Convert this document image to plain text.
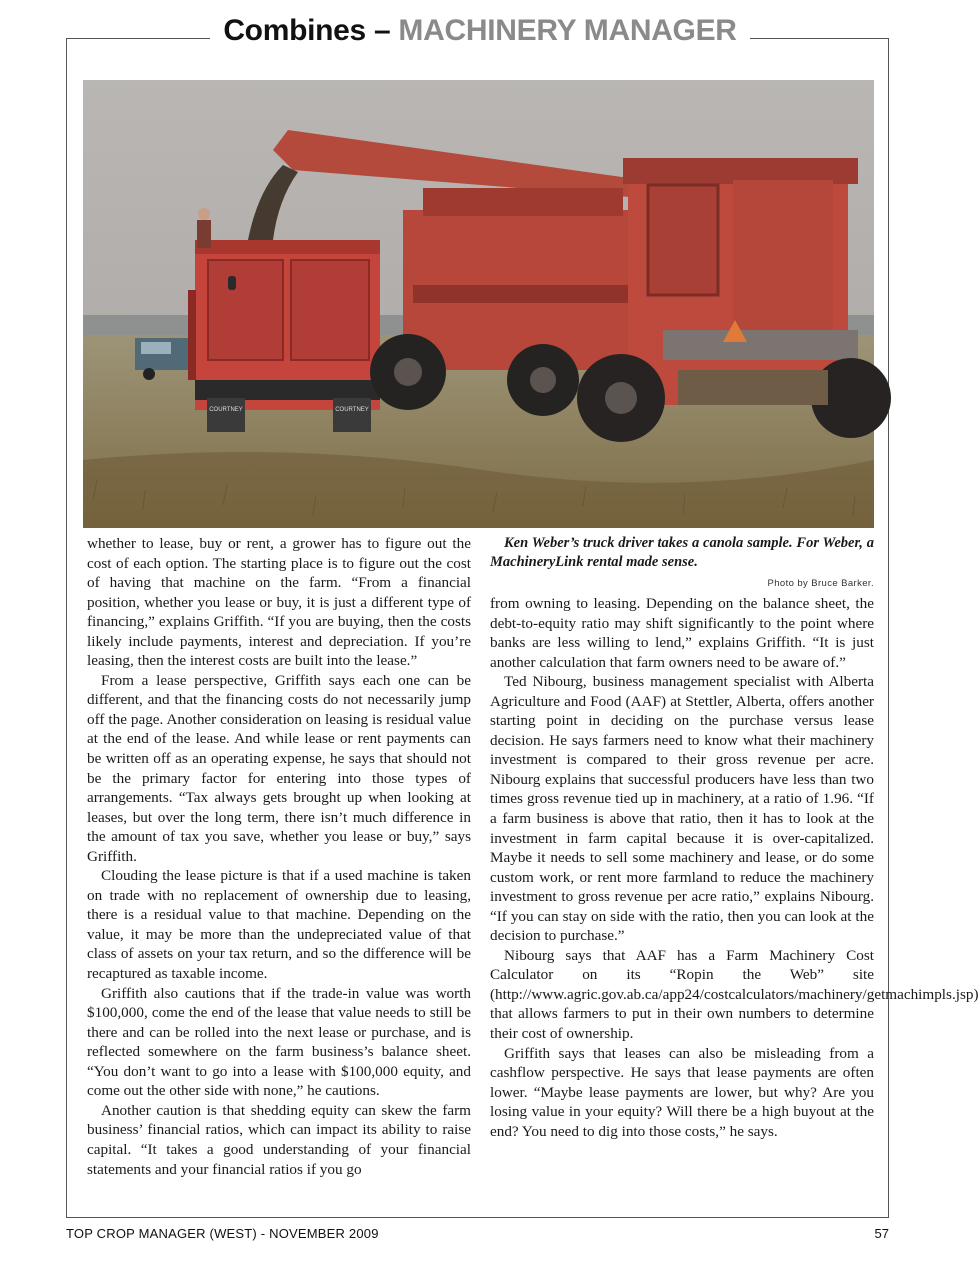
Combines – MACHINERY MANAGER
COURTNEY	COURTNEY

whether to lease, buy or rent, a grower has to figure out the cost of each option. The starting place is to figure out the cost of having that machine on the farm. “From a financial position, whether you lease or buy, it is just a different type of financing,” explains Griffith. “If you are buying, then the costs likely include payments, interest and depreciation. If you’re leasing, then the interest costs are built into the lease.”

From a lease perspective, Griffith says each one can be different, and that the financing costs do not necessarily jump off the page. Another consideration on leasing is residual value at the end of the lease. And while lease or rent payments can be written off as an operating expense, he says that should not be the primary factor for entering into those types of arrangements. “Tax always gets brought up when looking at leases, but over the long term, there isn’t much difference in the amount of tax you save, whether you lease or buy,” says Griffith.

Clouding the lease picture is that if a used machine is taken on trade with no replacement of ownership due to leasing, there is a residual value to that machine. Depending on the value, it may be more than the undepreciated value of that class of assets on your tax return, and so the difference will be recaptured as taxable income.

Griffith also cautions that if the trade-in value was worth $100,000, come the end of the lease that value needs to still be there and can be rolled into the next lease or purchase, and is reflected somewhere on the farm business’s balance sheet. “You don’t want to go into a lease with $100,000 equity, and come out the other side with none,” he cautions.

Another caution is that shedding equity can skew the farm business’ financial ratios, which can impact its ability to raise capital. “It takes a good understanding of your financial statements and your financial ratios if you go

Ken Weber’s truck driver takes a canola sample. For Weber, a MachineryLink rental made sense.

Photo by Bruce Barker.

from owning to leasing. Depending on the balance sheet, the debt-to-equity ratio may shift significantly to the point where banks are less willing to lend,” explains Griffith. “It is just another calculation that farm owners need to be aware of.”

Ted Nibourg, business management specialist with Alberta Agriculture and Food (AAF) at Stettler, Alberta, offers another starting point in deciding on the purchase versus lease decision. He says farmers need to know what their machinery investment is compared to their gross revenue per acre. Nibourg explains that successful producers have less than two times gross revenue tied up in machinery, at a ratio of 1.96. “If a farm business is above that ratio, then it has to look at the investment in farm capital because it is over-capitalized. Maybe it needs to sell some machinery and lease, or do some custom work, or rent more farmland to reduce the machinery investment to gross revenue per acre ratio,” explains Nibourg. “If you can stay on side with the ratio, then you can look at the decision to purchase.”

Nibourg says that AAF has a Farm Machinery Cost Calculator on its “Ropin the Web” site (http://www.agric.gov.ab.ca/app24/costcalculators/machinery/getmachimpls.jsp) that allows farmers to put in their own numbers to determine their cost of ownership.

Griffith says that leases can also be misleading from a cashflow perspective. He says that lease payments are often lower. “Maybe lease payments are lower, but why? Are you losing value in your equity? Will there be a high buyout at the end? You need to dig into those costs,” he says.

TOP CROP MANAGER (WEST) - NOVEMBER 2009	57
